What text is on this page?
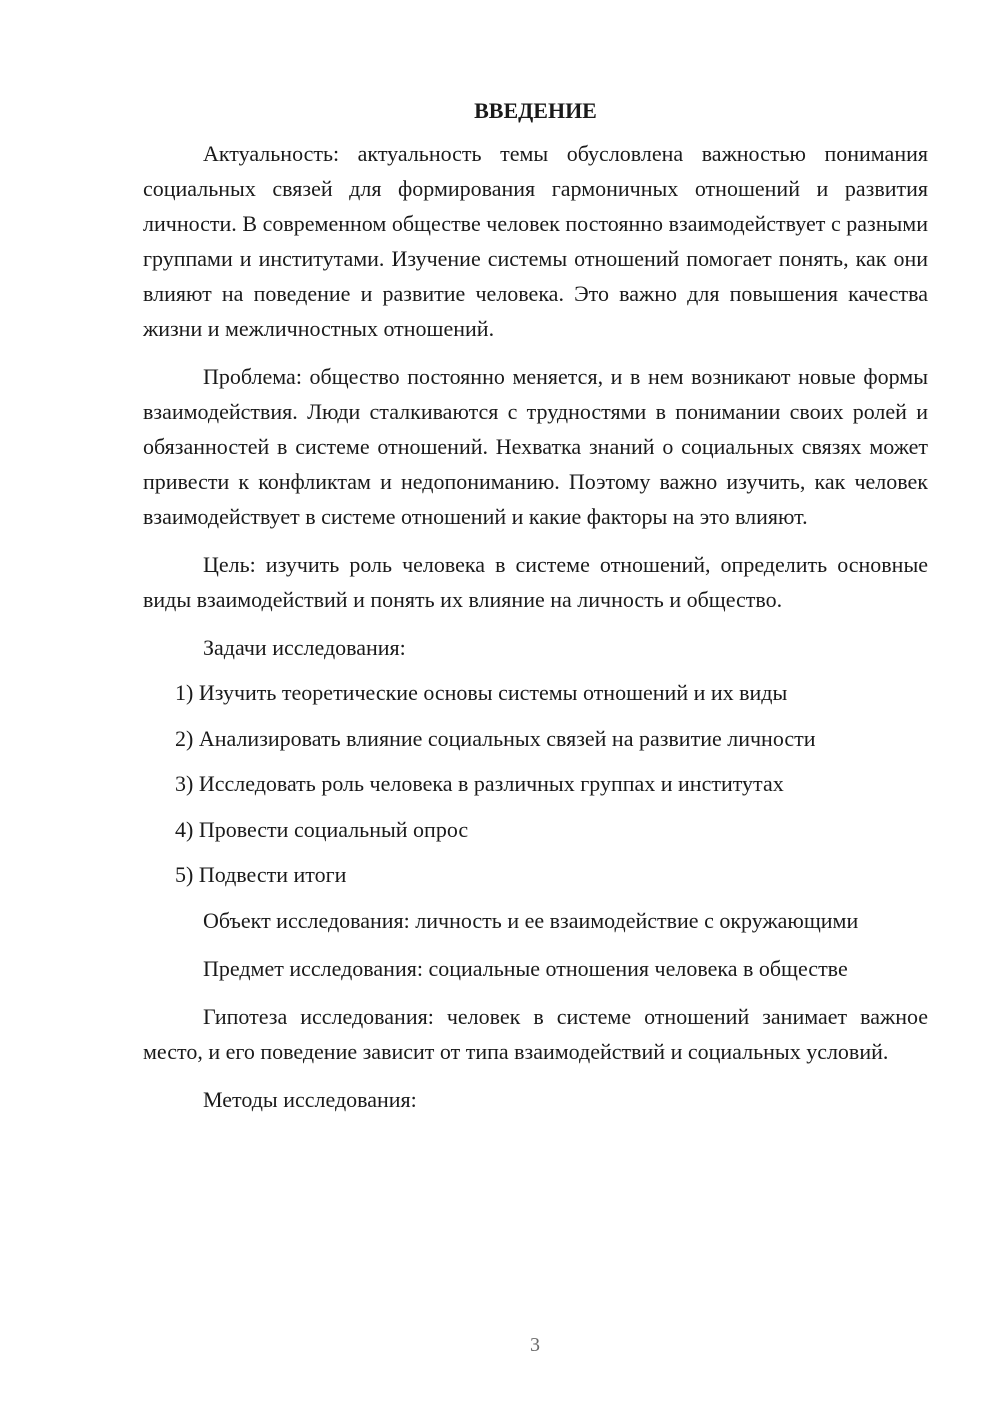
ВВЕДЕНИЕ

Актуальность: актуальность темы обусловлена важностью понимания социальных связей для формирования гармоничных отношений и развития личности. В современном обществе человек постоянно взаимодействует с разными группами и институтами. Изучение системы отношений помогает понять, как они влияют на поведение и развитие человека. Это важно для повышения качества жизни и межличностных отношений.

Проблема: общество постоянно меняется, и в нем возникают новые формы взаимодействия. Люди сталкиваются с трудностями в понимании своих ролей и обязанностей в системе отношений. Нехватка знаний о социальных связях может привести к конфликтам и недопониманию. Поэтому важно изучить, как человек взаимодействует в системе отношений и какие факторы на это влияют.

Цель: изучить роль человека в системе отношений, определить основные виды взаимодействий и понять их влияние на личность и общество.

Задачи исследования:

1) Изучить теоретические основы системы отношений и их виды
2) Анализировать влияние социальных связей на развитие личности
3) Исследовать роль человека в различных группах и институтах
4) Провести социальный опрос
5) Подвести итоги

Объект исследования: личность и ее взаимодействие с окружающими

Предмет исследования: социальные отношения человека в обществе

Гипотеза исследования: человек в системе отношений занимает важное место, и его поведение зависит от типа взаимодействий и социальных условий.

Методы исследования:

3
